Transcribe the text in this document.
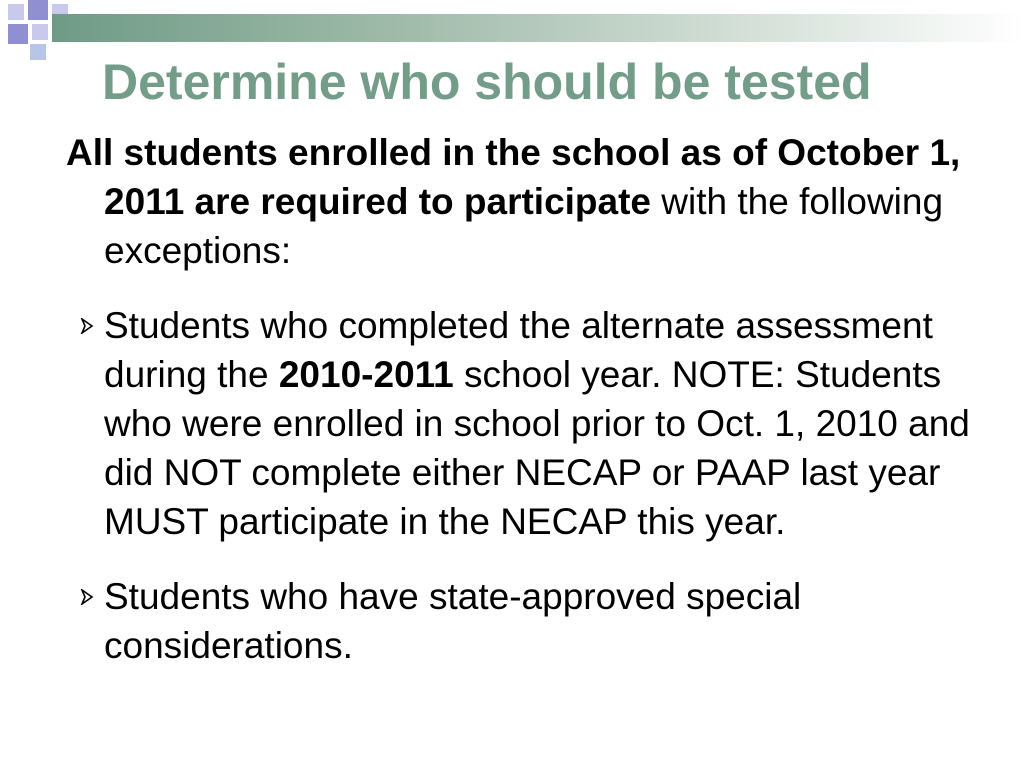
Determine who should be tested

All students enrolled in the school as of October 1, 2011 are required to participate with the following exceptions:

Students who completed the alternate assessment during the 2010-2011 school year. NOTE: Students who were enrolled in school prior to Oct. 1, 2010 and did NOT complete either NECAP or PAAP last year MUST participate in the NECAP this year.
Students who have state-approved special considerations.
